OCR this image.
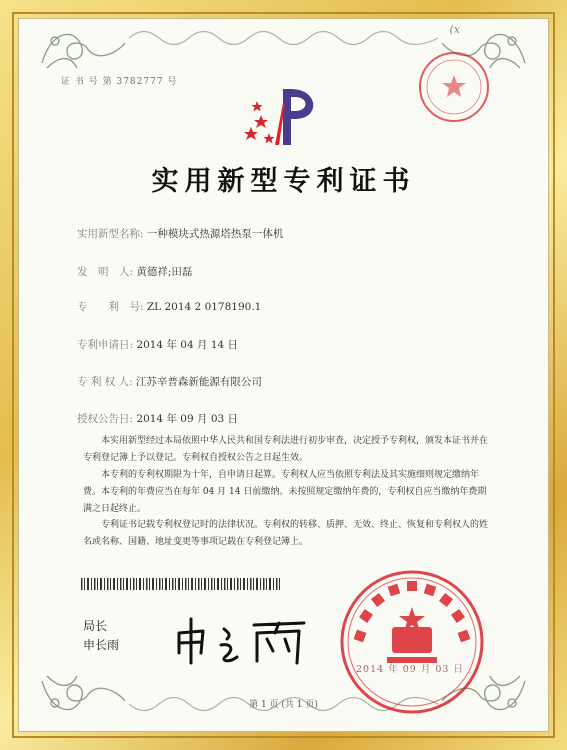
(x
证 书 号 第 3782777 号
实用新型专利证书
实用新型名称: 一种模块式热源塔热泵一体机
发　明　人: 黄德祥;田磊
专　　利　号: ZL 2014 2 0178190.1
专利申请日: 2014 年 04 月 14 日
专 利 权 人: 江苏辛普森新能源有限公司
授权公告日: 2014 年 09 月 03 日
本实用新型经过本局依照中华人民共和国专利法进行初步审查，决定授予专利权，颁发本证书并在专利登记簿上予以登记。专利权自授权公告之日起生效。
本专利的专利权期限为十年，自申请日起算。专利权人应当依照专利法及其实施细则规定缴纳年费。本专利的年费应当在每年 04 月 14 日前缴纳。未按照规定缴纳年费的，专利权自应当缴纳年费期满之日起终止。
专利证书记载专利权登记时的法律状况。专利权的转移、质押、无效、终止、恢复和专利权人的姓名或名称、国籍、地址变更等事项记载在专利登记簿上。
局长
申长雨
2014 年 09 月 03 日
第 1 页 (共 1 页)
